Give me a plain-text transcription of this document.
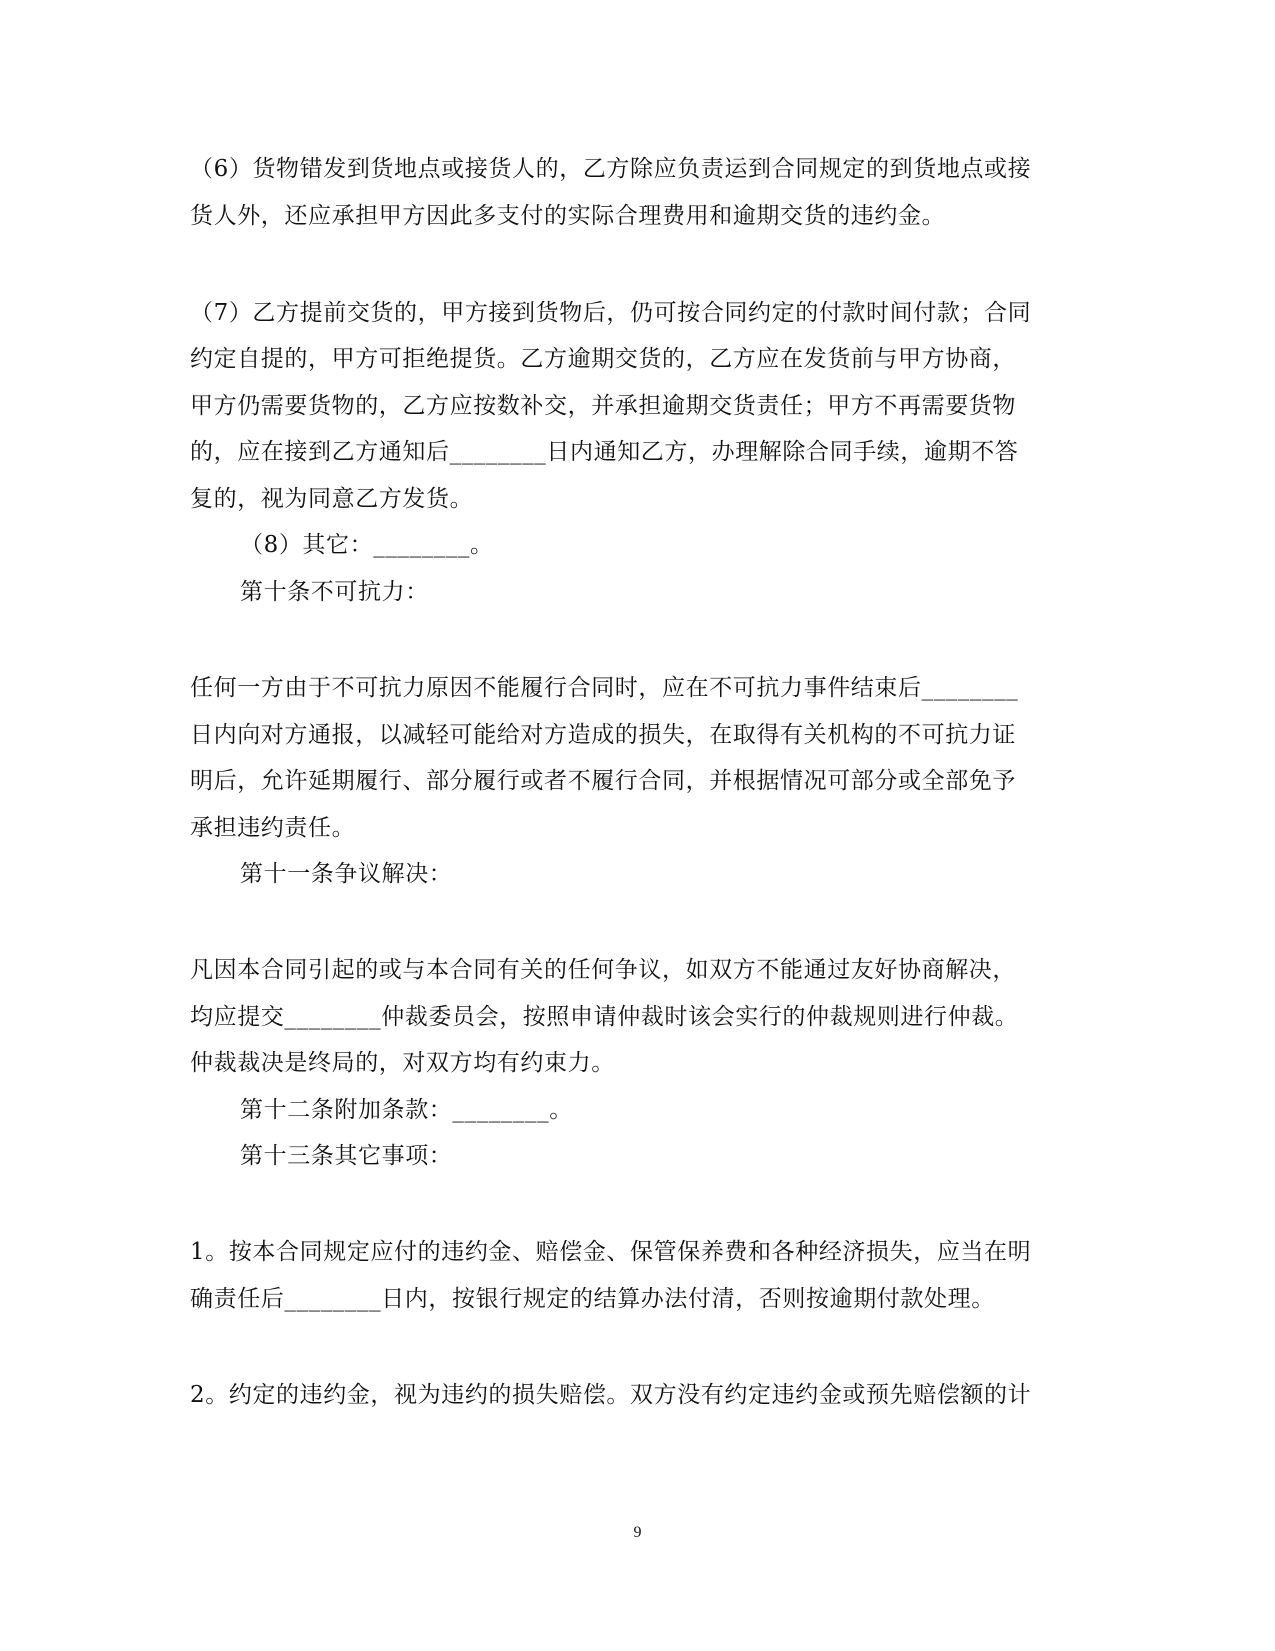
（6）货物错发到货地点或接货人的，乙方除应负责运到合同规定的到货地点或接
货人外，还应承担甲方因此多支付的实际合理费用和逾期交货的违约金。
（7）乙方提前交货的，甲方接到货物后，仍可按合同约定的付款时间付款；合同
约定自提的，甲方可拒绝提货。乙方逾期交货的，乙方应在发货前与甲方协商，
甲方仍需要货物的，乙方应按数补交，并承担逾期交货责任；甲方不再需要货物
的，应在接到乙方通知后________日内通知乙方，办理解除合同手续，逾期不答
复的，视为同意乙方发货。
（8）其它：________。
第十条不可抗力：
任何一方由于不可抗力原因不能履行合同时，应在不可抗力事件结束后________
日内向对方通报，以减轻可能给对方造成的损失，在取得有关机构的不可抗力证
明后，允许延期履行、部分履行或者不履行合同，并根据情况可部分或全部免予
承担违约责任。
第十一条争议解决：
凡因本合同引起的或与本合同有关的任何争议，如双方不能通过友好协商解决，
均应提交________仲裁委员会，按照申请仲裁时该会实行的仲裁规则进行仲裁。
仲裁裁决是终局的，对双方均有约束力。
第十二条附加条款：________。
第十三条其它事项：
1。按本合同规定应付的违约金、赔偿金、保管保养费和各种经济损失，应当在明
确责任后________日内，按银行规定的结算办法付清，否则按逾期付款处理。
2。约定的违约金，视为违约的损失赔偿。双方没有约定违约金或预先赔偿额的计
9
